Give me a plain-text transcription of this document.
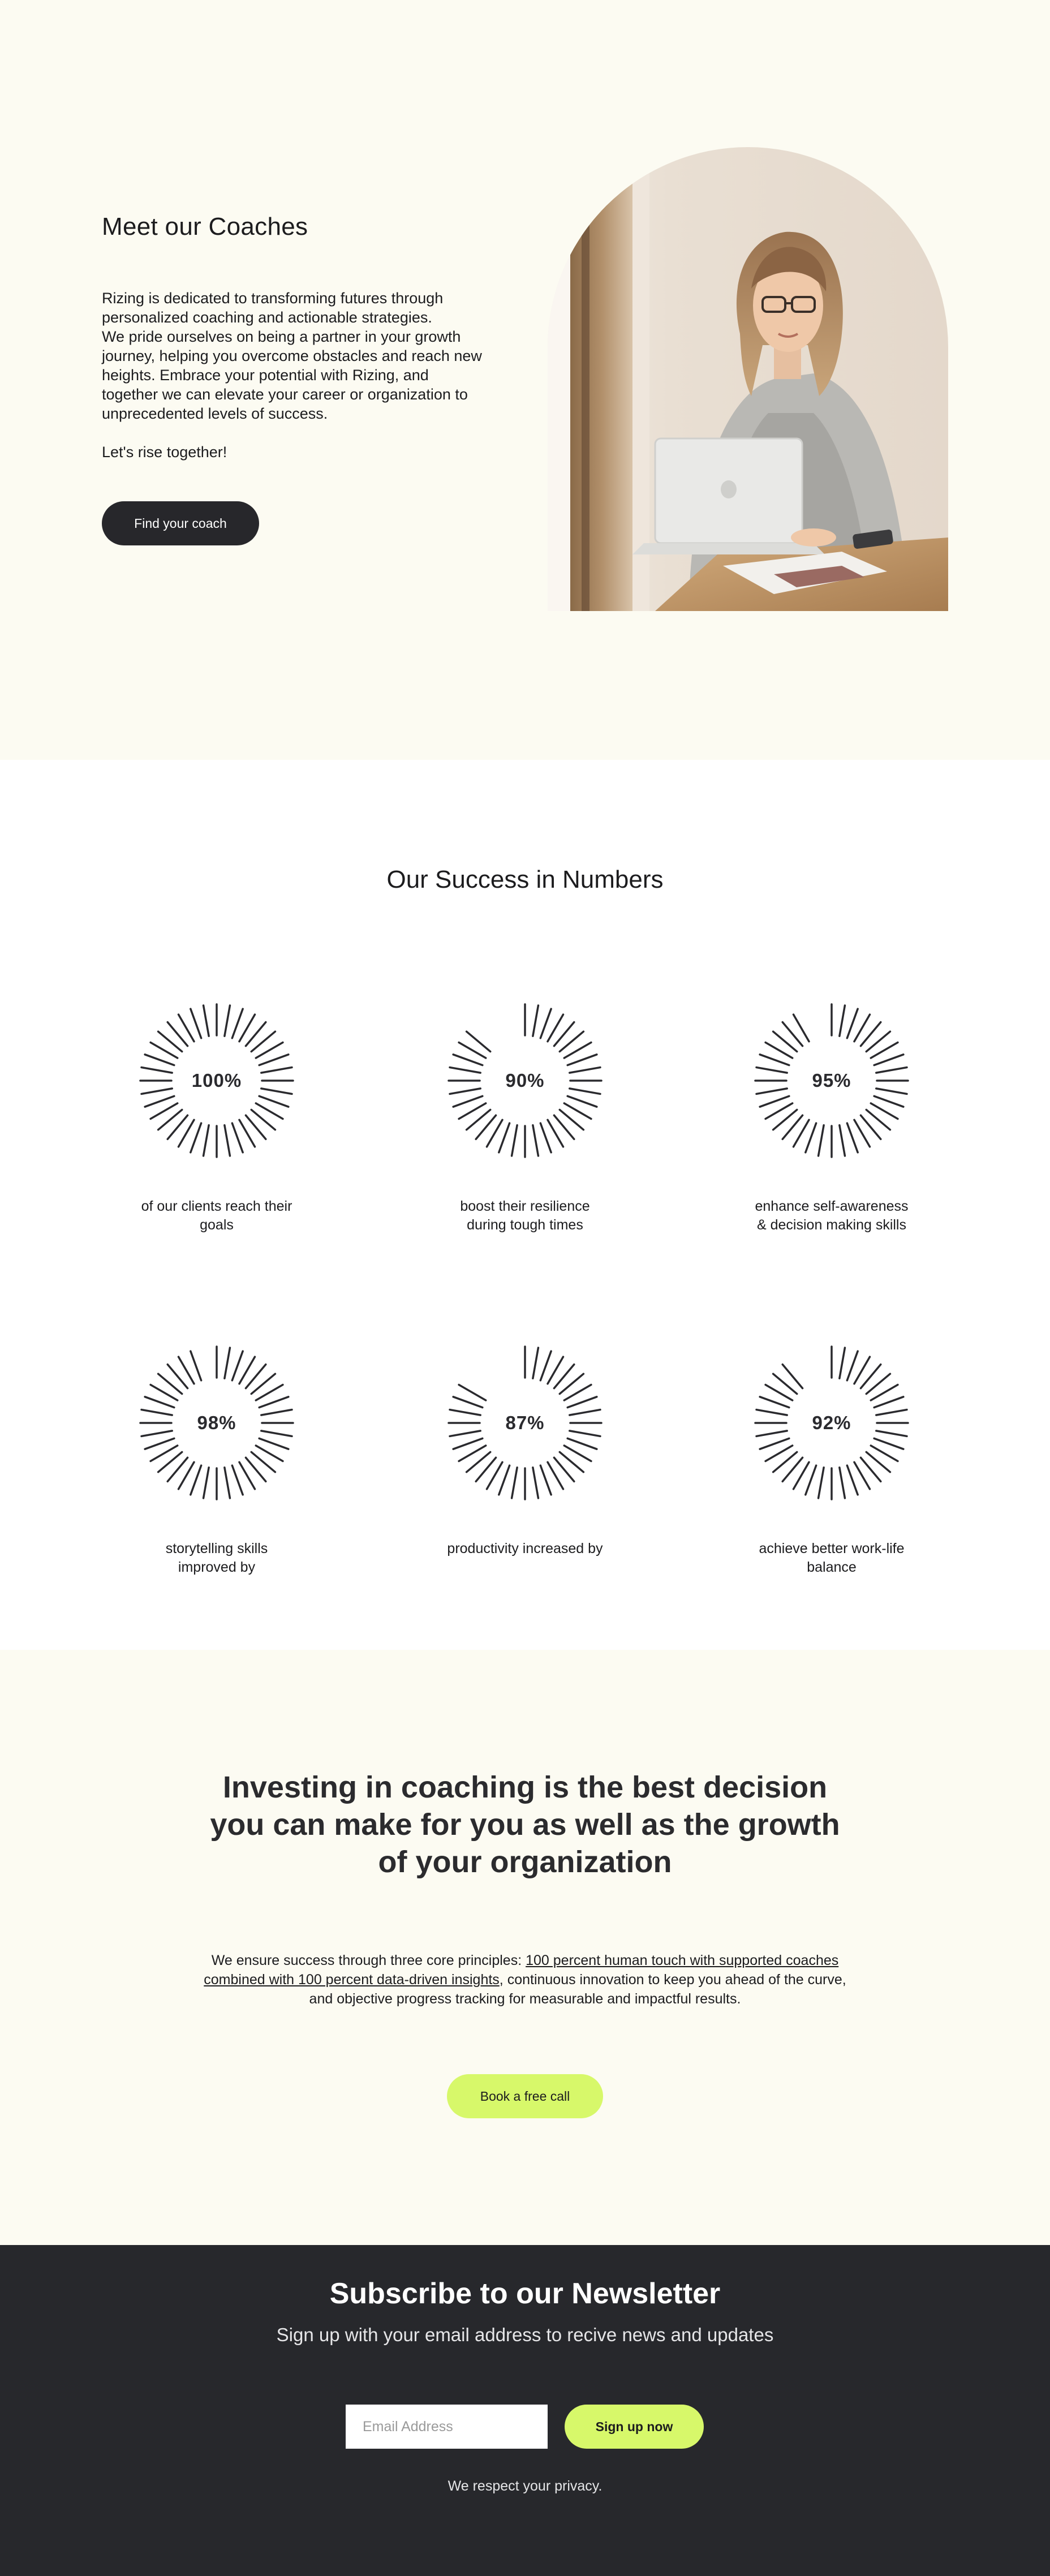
Meet our Coaches

Rizing is dedicated to transforming futures through personalized coaching and actionable strategies.

We pride ourselves on being a partner in your growth journey, helping you overcome obstacles and reach new heights. Embrace your potential with Rizing, and together we can elevate your career or organization to unprecedented levels of success.

Let's rise together!

Find your coach
Our Success in Numbers
100%
of our clients reach their goals
90%
boost their resilience during tough times
95%
enhance self-awareness & decision making skills
98%
storytelling skills improved by
87%
productivity increased by
92%
achieve better work-life balance
Investing in coaching is the best decision you can make for you as well as the growth of your organization

We ensure success through three core principles: 100 percent human touch with supported coaches combined with 100 percent data-driven insights, continuous innovation to keep you ahead of the curve, and objective progress tracking for measurable and impactful results.

Book a free call
Subscribe to our Newsletter

Sign up with your email address to recive news and updates

Email Address
Sign up now

We respect your privacy.
